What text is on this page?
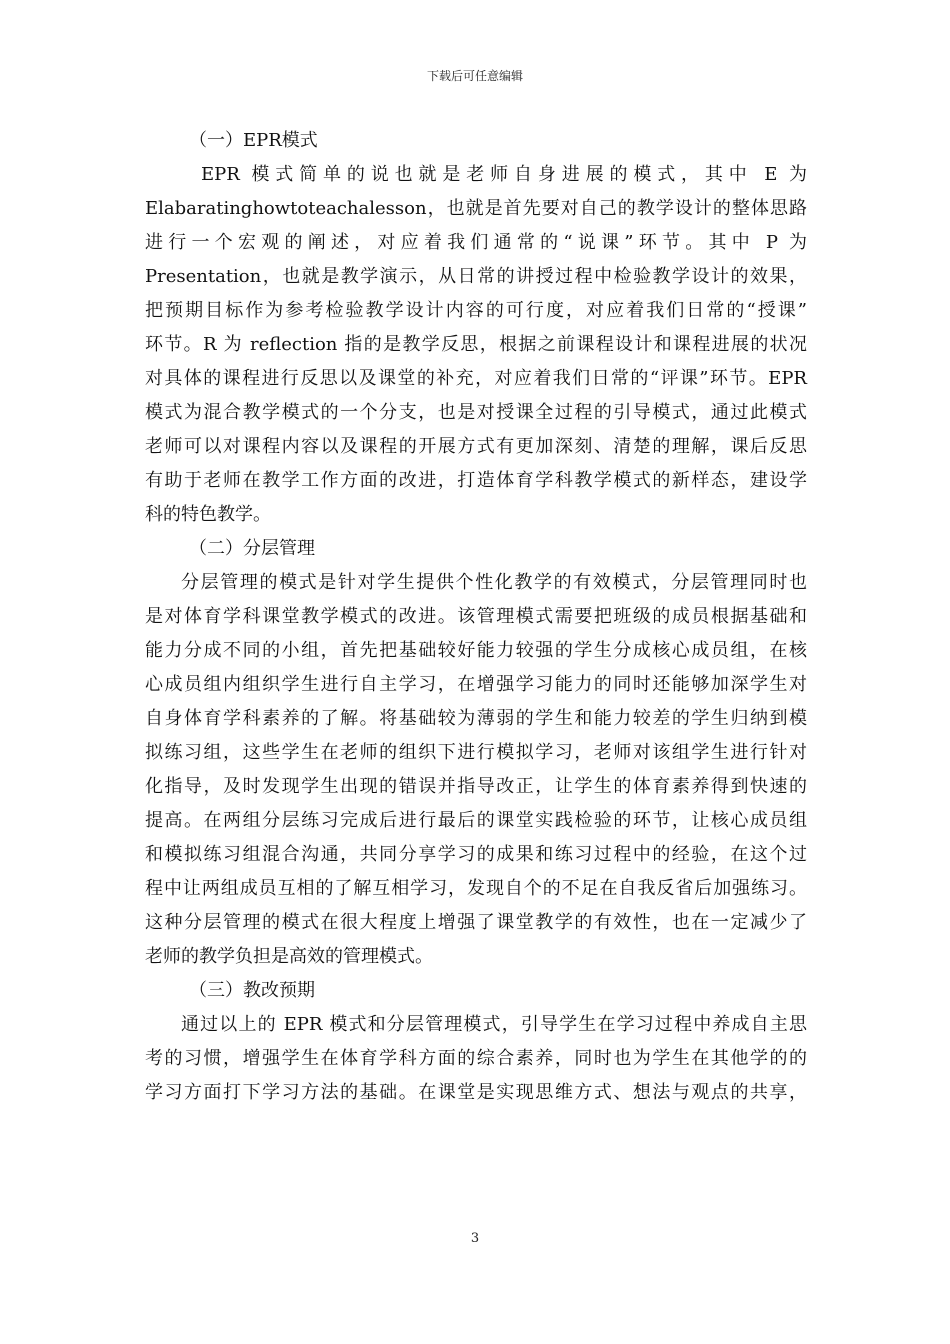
下载后可任意编辑
（一）EPR模式
EPR 模式简单的说也就是老师自身进展的模式，其中 E 为
Elabaratinghowtoteachalesson，也就是首先要对自己的教学设计的整体思路
进行一个宏观的阐述，对应着我们通常的“说课”环节。其中 P 为
Presentation，也就是教学演示，从日常的讲授过程中检验教学设计的效果，
把预期目标作为参考检验教学设计内容的可行度，对应着我们日常的“授课”
环节。R 为 reflection 指的是教学反思，根据之前课程设计和课程进展的状况
对具体的课程进行反思以及课堂的补充，对应着我们日常的“评课”环节。EPR
模式为混合教学模式的一个分支，也是对授课全过程的引导模式，通过此模式
老师可以对课程内容以及课程的开展方式有更加深刻、清楚的理解，课后反思
有助于老师在教学工作方面的改进，打造体育学科教学模式的新样态，建设学
科的特色教学。
（二）分层管理
分层管理的模式是针对学生提供个性化教学的有效模式，分层管理同时也
是对体育学科课堂教学模式的改进。该管理模式需要把班级的成员根据基础和
能力分成不同的小组，首先把基础较好能力较强的学生分成核心成员组，在核
心成员组内组织学生进行自主学习，在增强学习能力的同时还能够加深学生对
自身体育学科素养的了解。将基础较为薄弱的学生和能力较差的学生归纳到模
拟练习组，这些学生在老师的组织下进行模拟学习，老师对该组学生进行针对
化指导，及时发现学生出现的错误并指导改正，让学生的体育素养得到快速的
提高。在两组分层练习完成后进行最后的课堂实践检验的环节，让核心成员组
和模拟练习组混合沟通，共同分享学习的成果和练习过程中的经验，在这个过
程中让两组成员互相的了解互相学习，发现自个的不足在自我反省后加强练习。
这种分层管理的模式在很大程度上增强了课堂教学的有效性，也在一定减少了
老师的教学负担是高效的管理模式。
（三）教改预期
通过以上的 EPR 模式和分层管理模式，引导学生在学习过程中养成自主思
考的习惯，增强学生在体育学科方面的综合素养，同时也为学生在其他学的的
学习方面打下学习方法的基础。在课堂是实现思维方式、想法与观点的共享，
3
